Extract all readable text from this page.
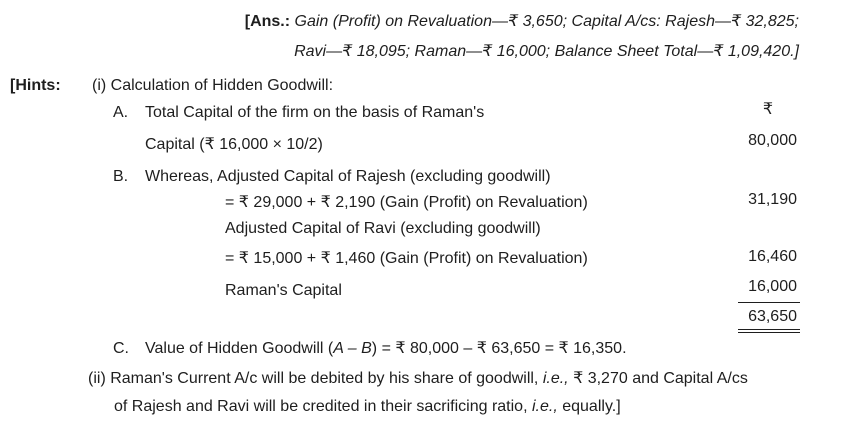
[Ans.: Gain (Profit) on Revaluation—₹ 3,650; Capital A/cs: Rajesh—₹ 32,825;
Ravi—₹ 18,095; Raman—₹ 16,000; Balance Sheet Total—₹ 1,09,420.]
[Hints: (i) Calculation of Hidden Goodwill:
₹
A. Total Capital of the firm on the basis of Raman's
Capital (₹ 16,000 × 10/2)	80,000
B. Whereas, Adjusted Capital of Rajesh (excluding goodwill)
= ₹ 29,000 + ₹ 2,190 (Gain (Profit) on Revaluation)	31,190
Adjusted Capital of Ravi (excluding goodwill)
= ₹ 15,000 + ₹ 1,460 (Gain (Profit) on Revaluation)	16,460
Raman's Capital	16,000
63,650
C. Value of Hidden Goodwill (A – B) = ₹ 80,000 – ₹ 63,650 = ₹ 16,350.
(ii) Raman's Current A/c will be debited by his share of goodwill, i.e., ₹ 3,270 and Capital A/cs
of Rajesh and Ravi will be credited in their sacrificing ratio, i.e., equally.]
